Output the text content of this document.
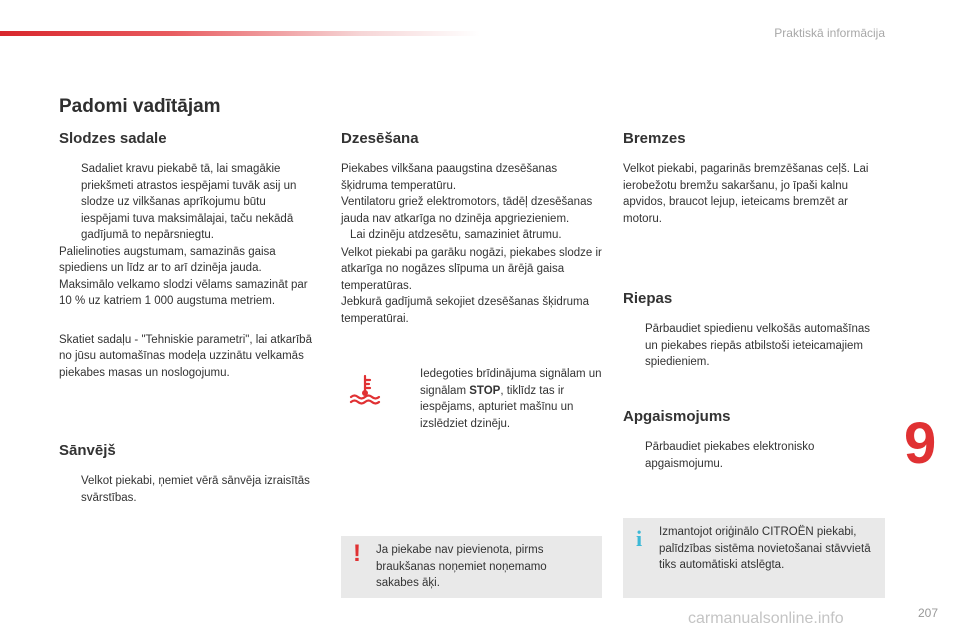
Praktiskā informācija
Padomi vadītājam
Slodzes sadale
Sadaliet kravu piekabē tā, lai smagākie priekšmeti atrastos iespējami tuvāk asij un slodze uz vilkšanas aprīkojumu būtu iespējami tuva maksimālajai, taču nekādā gadījumā to nepārsniegtu.

Palielinoties augstumam, samazinās gaisa spiediens un līdz ar to arī dzinēja jauda. Maksimālo velkamo slodzi vēlams samazināt par 10 % uz katriem 1 000 augstuma metriem.

Skatiet sadaļu - "Tehniskie parametri", lai atkarībā no jūsu automašīnas modeļa uzzinātu velkamās piekabes masas un noslogojumu.

Sānvējš
Velkot piekabi, ņemiet vērā sānvēja izraisītās svārstības.
Dzesēšana

Piekabes vilkšana paaugstina dzesēšanas šķidruma temperatūru.

Ventilatoru griež elektromotors, tādēļ dzesēšanas jauda nav atkarīga no dzinēja apgriezieniem.

Lai dzinēju atdzesētu, samaziniet ātrumu.

Velkot piekabi pa garāku nogāzi, piekabes slodze ir atkarīga no nogāzes slīpuma un ārējā gaisa temperatūras.

Jebkurā gadījumā sekojiet dzesēšanas šķidruma temperatūrai.

Iedegoties brīdinājuma signālam un signālam STOP, tiklīdz tas ir iespējams, apturiet mašīnu un izslēdziet dzinēju.
! Ja piekabe nav pievienota, pirms braukšanas noņemiet noņemamo sakabes āķi.
Bremzes

Velkot piekabi, pagarinās bremzēšanas ceļš. Lai ierobežotu bremžu sakaršanu, jo īpaši kalnu apvidos, braucot lejup, ieteicams bremzēt ar motoru.

Riepas
Pārbaudiet spiedienu velkošās automašīnas un piekabes riepās atbilstoši ieteicamajiem spiedieniem.
Apgaismojums
Pārbaudiet piekabes elektronisko apgaismojumu.
i Izmantojot oriģinālo CITROËN piekabi, palīdzības sistēma novietošanai stāvvietā tiks automātiski atslēgta.
9
207
carmanualsonline.info
